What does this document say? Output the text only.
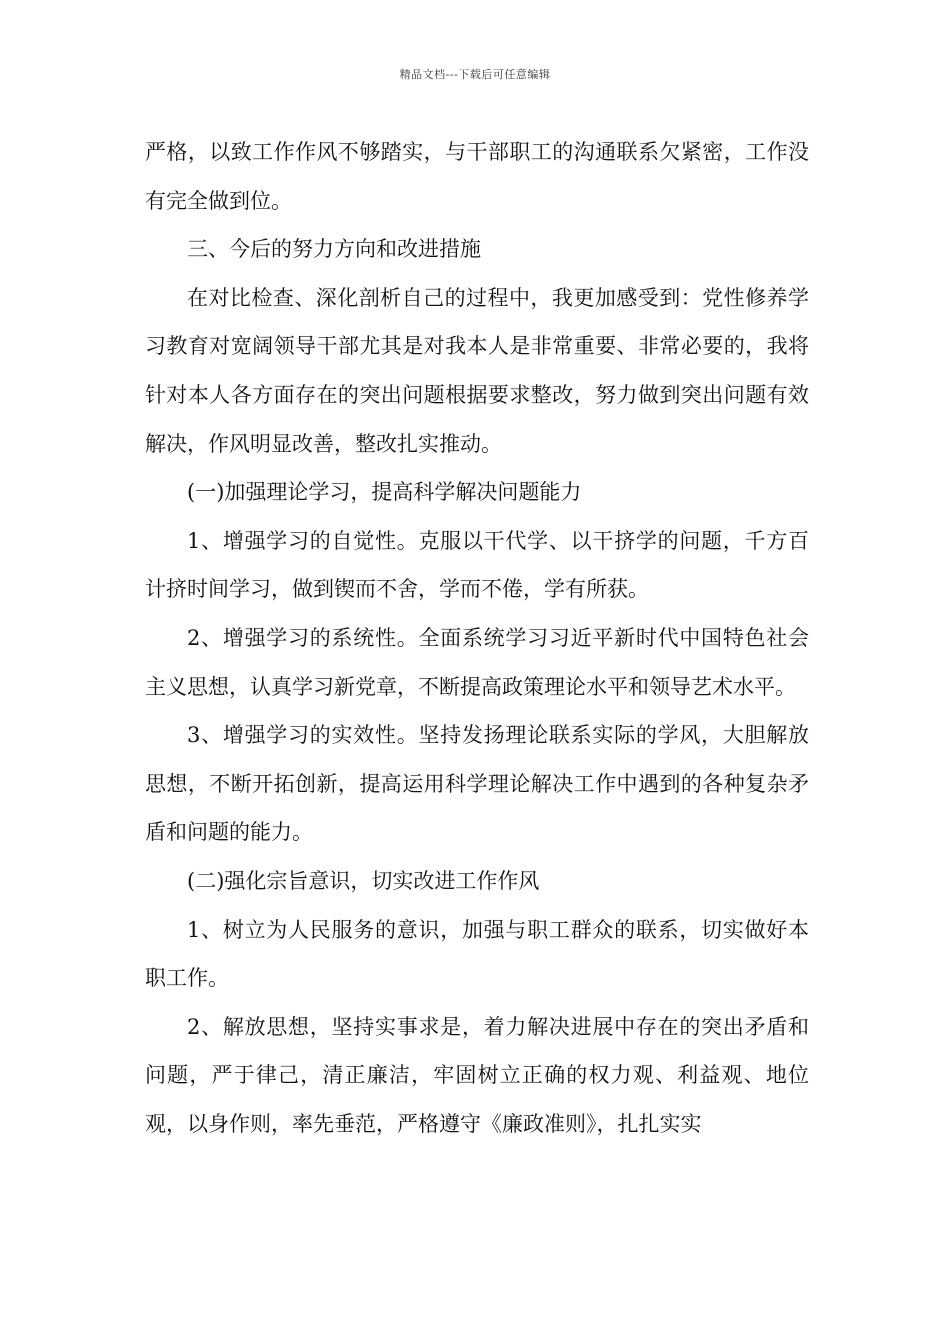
精品文档---下载后可任意编辑

严格，以致工作作风不够踏实，与干部职工的沟通联系欠紧密，工作没有完全做到位。

三、今后的努力方向和改进措施

在对比检查、深化剖析自己的过程中，我更加感受到：党性修养学习教育对宽阔领导干部尤其是对我本人是非常重要、非常必要的，我将针对本人各方面存在的突出问题根据要求整改，努力做到突出问题有效解决，作风明显改善，整改扎实推动。

(一)加强理论学习，提高科学解决问题能力

1、增强学习的自觉性。克服以干代学、以干挤学的问题，千方百计挤时间学习，做到锲而不舍，学而不倦，学有所获。

2、增强学习的系统性。全面系统学习习近平新时代中国特色社会主义思想，认真学习新党章，不断提高政策理论水平和领导艺术水平。

3、增强学习的实效性。坚持发扬理论联系实际的学风，大胆解放思想，不断开拓创新，提高运用科学理论解决工作中遇到的各种复杂矛盾和问题的能力。

(二)强化宗旨意识，切实改进工作作风

1、树立为人民服务的意识，加强与职工群众的联系，切实做好本职工作。

2、解放思想，坚持实事求是，着力解决进展中存在的突出矛盾和问题，严于律己，清正廉洁，牢固树立正确的权力观、利益观、地位观，以身作则，率先垂范，严格遵守《廉政准则》，扎扎实实
